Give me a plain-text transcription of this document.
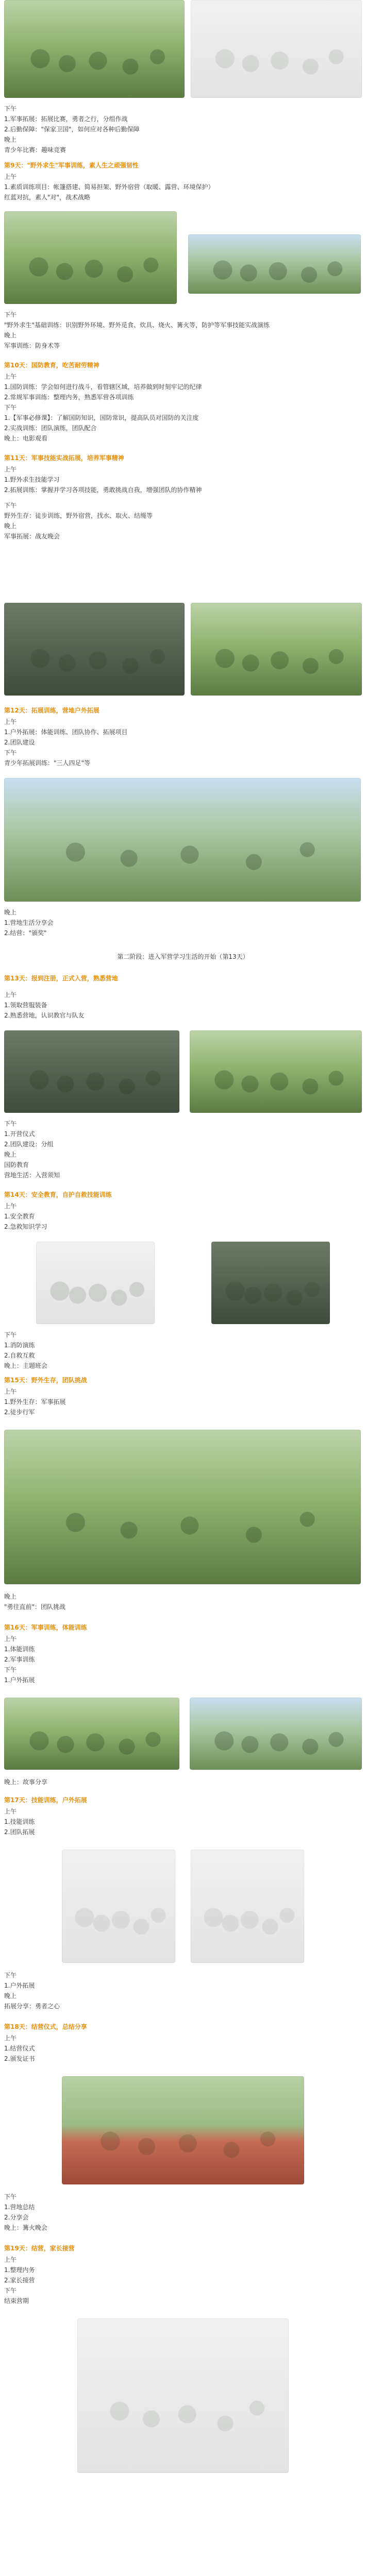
下午
1.军事拓展：拓展比赛，勇者之行，分组作战
2.后勤保障："保家卫国"，如何应对各种后勤保障
晚上
青少年比赛：趣味竞赛
第9天："野外求生"军事训练，素人生之顽强韧性
上午
1.素质训练项目：帐篷搭建、简易担架、野外宿营（取暖、露营、环境保护）
红蓝对抗，素人"对"，战术战略
下午
"野外求生"基础训练：识别野外环境、野外觅食、炊具、烧火、篝火等，防护等军事技能实战演练
晚上
军事训练：防身术等
第10天：国防教育，吃苦耐劳精神
上午
1.国防训练：学会如何进行战斗，看管辖区域，培养做到时刻牢记的纪律
2.常规军事训练：整理内务，熟悉军营各项训练
下午
1.【军事必修课】：了解国防知识，国防常识，提高队员对国防的关注度
2.实战训练：团队演练，团队配合
晚上：电影观看
第11天：军事技能实战拓展，培养军事精神
上午
1.野外求生技能学习
2.拓展训练：掌握并学习各项技能，勇敢挑战自我，增强团队的协作精神
下午
野外生存：徒步训练，野外宿营，找水、取火、结绳等
晚上
军事拓展：战友晚会
第12天：拓展训练，营地户外拓展
上午
1.户外拓展：体能训练、团队协作、拓展项目
2.团队建设
下午
青少年拓展训练："三人四足"等
晚上
1.营地生活分享会
2.结营："颁奖"
第二阶段：进入军营学习生活的开始（第13天）
第13天：报到注册，正式入营，熟悉营地
上午
1.领取营服装备
2.熟悉营地，认识教官与队友
下午
1.开营仪式
2.团队建设：分组
晚上
国防教育
营地生活：入营须知
第14天：安全教育，自护自救技能训练
上午
1.安全教育
2.急救知识学习
下午
1.消防演练
2.自救互救
晚上：主题班会
第15天：野外生存，团队挑战
上午
1.野外生存：军事拓展
2.徒步行军
晚上
"勇往直前"：团队挑战
第16天：军事训练，体能训练
上午
1.体能训练
2.军事训练
下午
1.户外拓展
晚上：故事分享
第17天：技能训练，户外拓展
上午
1.技能训练
2.团队拓展
下午
1.户外拓展
晚上
拓展分享：勇者之心
第18天：结营仪式，总结分享
上午
1.结营仪式
2.颁发证书
下午
1.营地总结
2.分享会
晚上：篝火晚会
第19天：结营，家长接营
上午
1.整理内务
2.家长接营
下午
结束营期
